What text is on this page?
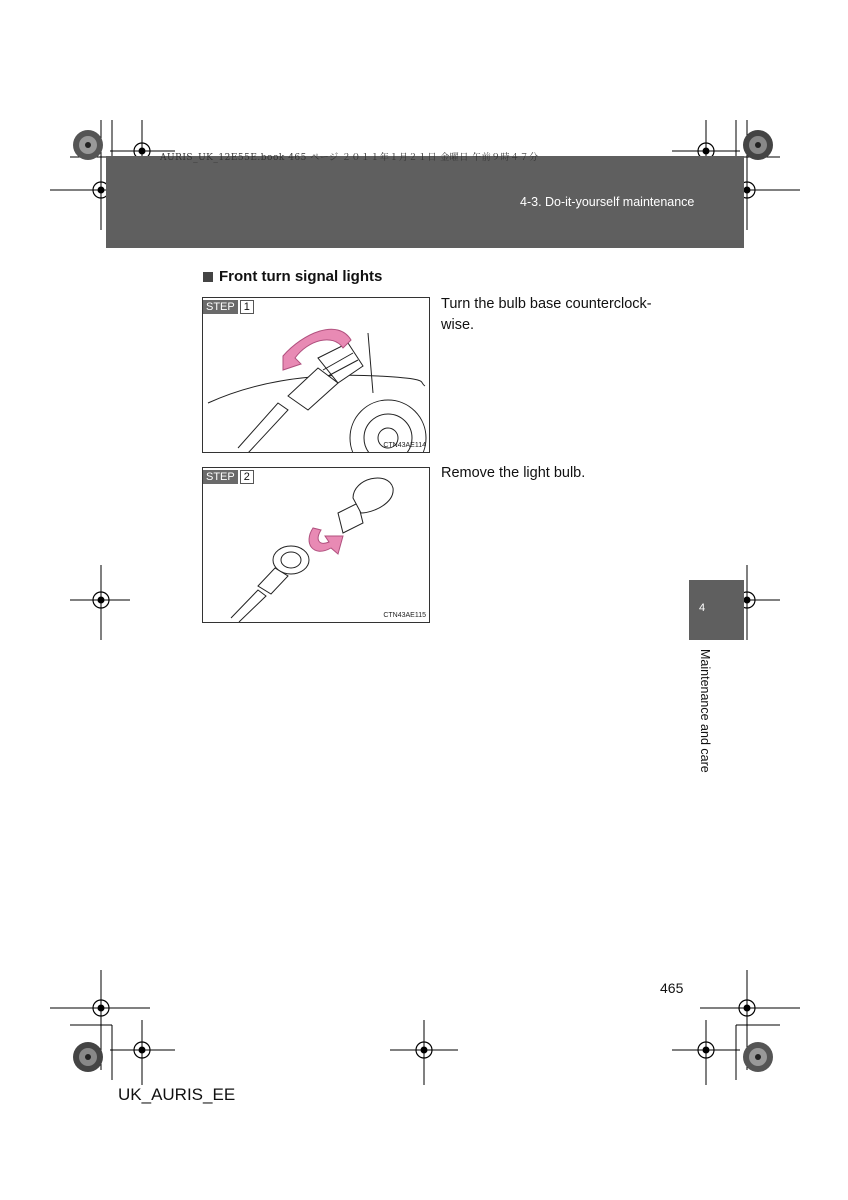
AURIS_UK_12E55E.book 465 ページ ２０１１年１月２１日 金曜日 午前９時４７分
4-3. Do-it-yourself maintenance
Front turn signal lights
STEP 1
CTN43AE114
Turn the bulb base counterclock-wise.
STEP 2
CTN43AE115
Remove the light bulb.
4
Maintenance and care
465
UK_AURIS_EE
